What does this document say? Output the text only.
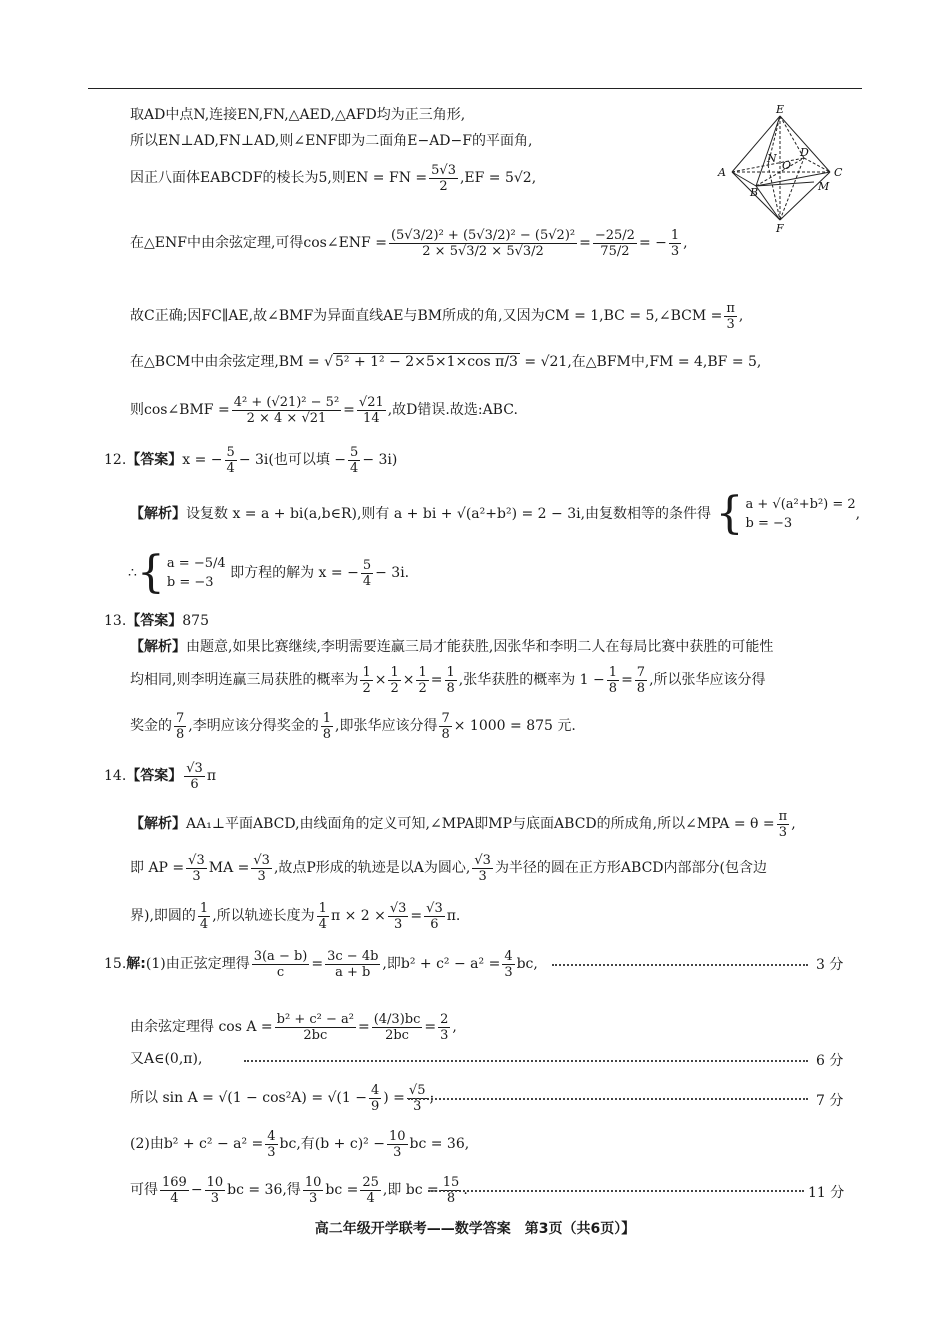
E
A
N
O
D
C
B	M
F
取AD中点N,连接EN,FN,△AED,△AFD均为正三角形,
所以EN⊥AD,FN⊥AD,则∠ENF即为二面角E−AD−F的平面角,
因正八面体EABCDF的棱长为5,则EN = FN = $\frac{5√3}{2} ,EF = 5√2$,
在△ENF中由余弦定理,可得cos∠ENF = $\frac{\text{(5√3/2)² + (5√3/2)² − (5√2)²}}{2 \times 5√3/2 \times 5√3/2} = \frac{-25/2}{75/2}$ = − $\frac{1}{3}$ ,
故C正确;因FC∥AE,故∠BMF为异面直线AE与BM所成的角,又因为CM = 1,BC = 5,∠BCM = $\frac{\pi}{3}$ ,
在△BCM中由余弦定理,BM = √ 5² + 1² − 2×5×1×cos π/3 = √21,在△BFM中,FM = 4,BF = 5,
则cos∠BMF = $\frac{\text{4² + (√21)² − 5²}}{2 \times 4 \times √21} = \frac{√21}{14}$ ,故D错误.故选:ABC.
12.【答案】x = − $\frac{5}{4} - 3i$(也可以填 − $\frac{5}{4} - 3i$)
【解析】设复数 x = a + bi(a,b∈R),则有 a + bi + √(a²+b²) = 2 − 3i,由复数相等的条件得 { a + √(a²+b²) = 2
b = −3
,
∴{ a = −5/4
b = −3
即方程的解为 x = − $\frac{5}{4} - 3i$.
13.【答案】875
【解析】由题意,如果比赛继续,李明需要连赢三局才能获胜,因张华和李明二人在每局比赛中获胜的可能性
均相同,则李明连赢三局获胜的概率为 $\frac{1}{2} \times \frac{1}{2} \times \frac{1}{2} = \frac{1}{8}$ ,张华获胜的概率为 $1 - \frac{1}{8} = \frac{7}{8}$ ,所以张华应该分得
奖金的 $\frac{7}{8}$ ,李明应该分得奖金的 $\frac{1}{8}$ ,即张华应该分得 $\frac{7}{8} \times 1000 = 875$ 元.
14.【答案】 $\frac{√3}{6}$ π
【解析】AA₁⊥平面ABCD,由线面角的定义可知,∠MPA即MP与底面ABCD的所成角,所以∠MPA = $\theta = \frac{\pi}{3}$ ,
即 AP = $\frac{√3}{3}$ MA = $\frac{√3}{3}$ ,故点P形成的轨迹是以A为圆心, $\frac{√3}{3}$ 为半径的圆在正方形ABCD内部部分(包含边
界),即圆的 $\frac{1}{4}$ ,所以轨迹长度为 $\frac{1}{4}$ $\pi \times 2 \times \frac{√3}{3} = \frac{√3}{6} \pi$.
15.解:(1)由正弦定理得 $\frac{3(a - b)}{c} = \frac{3c - 4b}{a + b}$ ,即$b^2 + c^2 - a^2 = \frac{4}{3}$ bc,	3 分
由余弦定理得 $\cos A = \frac{\text{b² + c² − a²}}{2bc} = \frac{(4/3)bc}{2bc} = \frac{2}{3}$ ,
又A∈(0,π),	6 分
所以 $\sin A = √(1 - \cos^2A) = √(1 - \frac{4}{9}$ ) = $\frac{√5}{3}$ ;	7 分
(2)由$b^2 + c^2 - a^2 = \frac{4}{3}$ bc,有$(b + c)^2 - \frac{10}{3}$ bc = 36,
可得 $\frac{169}{4} - \frac{10}{3}$ bc = 36,得 $\frac{10}{3}$ bc = $\frac{25}{4}$ ,即 bc = $\frac{15}{8}$ .	11 分
高二年级开学联考——数学答案　第3页（共6页）】
